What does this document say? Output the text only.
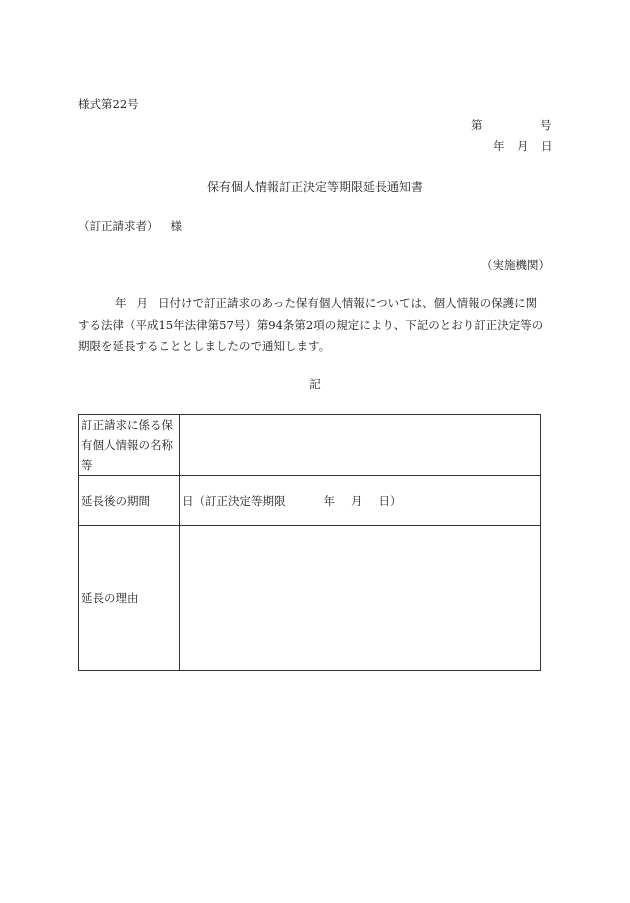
様式第22号
第	号
年 月 日
保有個人情報訂正決定等期限延長通知書
（訂正請求者） 様
（実施機関）
年 月 日付けで訂正請求のあった保有個人情報については、個人情報の保護に関
する法律（平成15年法律第57号）第94条第2項の規定により、下記のとおり訂正決定等の
期限を延長することとしましたので通知します。
記
訂正請求に係る保有個人情報の名称等	
延長後の期間	日（訂正決定等期限 年 月 日）
延長の理由	
